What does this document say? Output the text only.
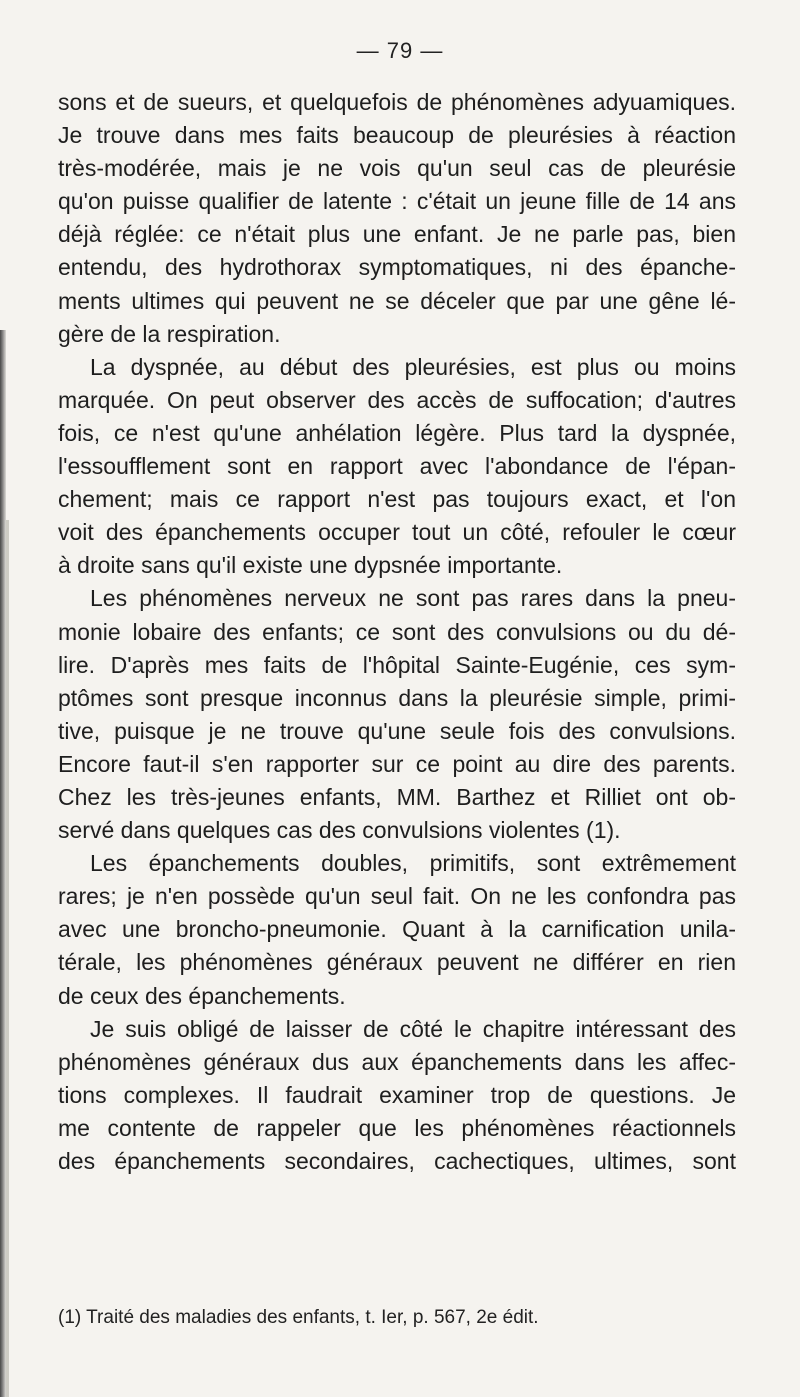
— 79 —
sons et de sueurs, et quelquefois de phénomènes adyuamiques.
Je trouve dans mes faits beaucoup de pleurésies à réaction
très-modérée, mais je ne vois qu'un seul cas de pleurésie
qu'on puisse qualifier de latente : c'était un jeune fille de 14 ans
déjà réglée: ce n'était plus une enfant. Je ne parle pas, bien
entendu, des hydrothorax symptomatiques, ni des épanche-
ments ultimes qui peuvent ne se déceler que par une gêne lé-
gère de la respiration.
La dyspnée, au début des pleurésies, est plus ou moins
marquée. On peut observer des accès de suffocation; d'autres
fois, ce n'est qu'une anhélation légère. Plus tard la dyspnée,
l'essoufflement sont en rapport avec l'abondance de l'épan-
chement; mais ce rapport n'est pas toujours exact, et l'on
voit des épanchements occuper tout un côté, refouler le cœur
à droite sans qu'il existe une dypsnée importante.
Les phénomènes nerveux ne sont pas rares dans la pneu-
monie lobaire des enfants; ce sont des convulsions ou du dé-
lire. D'après mes faits de l'hôpital Sainte-Eugénie, ces sym-
ptômes sont presque inconnus dans la pleurésie simple, primi-
tive, puisque je ne trouve qu'une seule fois des convulsions.
Encore faut-il s'en rapporter sur ce point au dire des parents.
Chez les très-jeunes enfants, MM. Barthez et Rilliet ont ob-
servé dans quelques cas des convulsions violentes (1).
Les épanchements doubles, primitifs, sont extrêmement
rares; je n'en possède qu'un seul fait. On ne les confondra pas
avec une broncho-pneumonie. Quant à la carnification unila-
térale, les phénomènes généraux peuvent ne différer en rien
de ceux des épanchements.
Je suis obligé de laisser de côté le chapitre intéressant des
phénomènes généraux dus aux épanchements dans les affec-
tions complexes. Il faudrait examiner trop de questions. Je
me contente de rappeler que les phénomènes réactionnels
des épanchements secondaires, cachectiques, ultimes, sont
(1) Traité des maladies des enfants, t. Ier, p. 567, 2e édit.
